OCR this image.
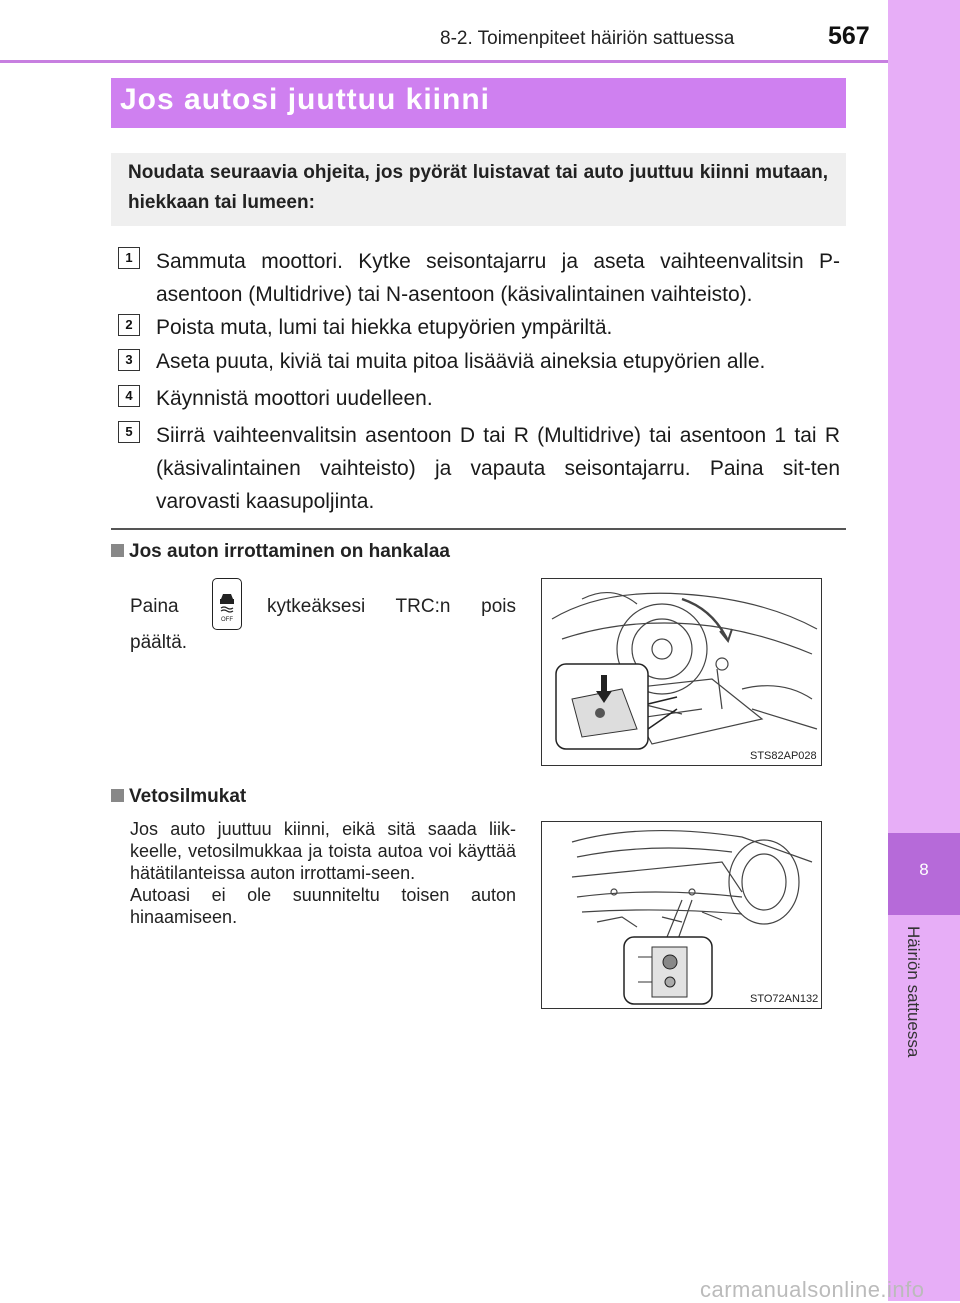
8-2. Toimenpiteet häiriön sattuessa	567
8
Häiriön sattuessa
Jos autosi juuttuu kiinni
Noudata seuraavia ohjeita, jos pyörät luistavat tai auto juuttuu kiinni mutaan, hiekkaan tai lumeen:
1	Sammuta moottori. Kytke seisontajarru ja aseta vaihteenvalitsin P-asentoon (Multidrive) tai N-asentoon (käsivalintainen vaihteisto).
2	Poista muta, lumi tai hiekka etupyörien ympäriltä.
3	Aseta puuta, kiviä tai muita pitoa lisääviä aineksia etupyörien alle.
4	Käynnistä moottori uudelleen.
5	Siirrä vaihteenvalitsin asentoon D tai R (Multidrive) tai asentoon 1 tai R (käsivalintainen vaihteisto) ja vapauta seisontajarru. Paina sit-ten varovasti kaasupoljinta.
Jos auton irrottaminen on hankalaa
Paina	kytkeäksesi TRC:n pois
päältä.
OFF
STS82AP028
Vetosilmukat
Jos auto juuttuu kiinni, eikä sitä saada liik-keelle, vetosilmukkaa ja toista autoa voi käyttää hätätilanteissa auton irrottami-seen.
Autoasi ei ole suunniteltu toisen auton hinaamiseen.
STO72AN132
carmanualsonline.info
